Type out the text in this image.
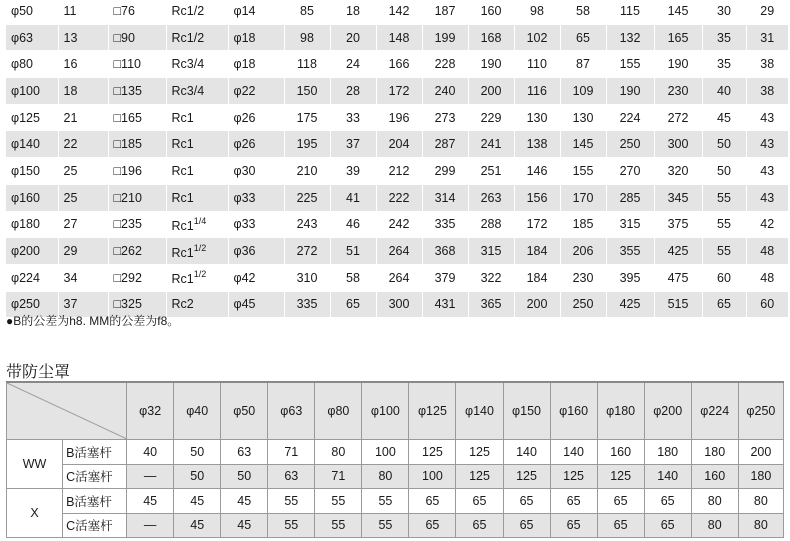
φ50	11	□76	Rc1/2	φ14	85	18	142	187	160	98	58	115	145	30	29
φ63	13	□90	Rc1/2	φ18	98	20	148	199	168	102	65	132	165	35	31
φ80	16	□110	Rc3/4	φ18	118	24	166	228	190	110	87	155	190	35	38
φ100	18	□135	Rc3/4	φ22	150	28	172	240	200	116	109	190	230	40	38
φ125	21	□165	Rc1	φ26	175	33	196	273	229	130	130	224	272	45	43
φ140	22	□185	Rc1	φ26	195	37	204	287	241	138	145	250	300	50	43
φ150	25	□196	Rc1	φ30	210	39	212	299	251	146	155	270	320	50	43
φ160	25	□210	Rc1	φ33	225	41	222	314	263	156	170	285	345	55	43
φ180	27	□235	$Rc1^{1/4}$	φ33	243	46	242	335	288	172	185	315	375	55	42
φ200	29	□262	$Rc1^{1/2}$	φ36	272	51	264	368	315	184	206	355	425	55	48
φ224	34	□292	$Rc1^{1/2}$	φ42	310	58	264	379	322	184	230	395	475	60	48
φ250	37	□325	Rc2	φ45	335	65	300	431	365	200	250	425	515	65	60
●B的公差为h8. MM的公差为f8。
带防尘罩
	φ32	φ40	φ50	φ63	φ80	φ100	φ125	φ140	φ150	φ160	φ180	φ200	φ224	φ250
WW	B活塞杆	40	50	63	71	80	100	125	125	140	140	160	180	180	200
	C活塞杆	—	50	50	63	71	80	100	125	125	125	125	140	160	180
X	B活塞杆	45	45	45	55	55	55	65	65	65	65	65	65	80	80
	C活塞杆	—	45	45	55	55	55	65	65	65	65	65	65	80	80
